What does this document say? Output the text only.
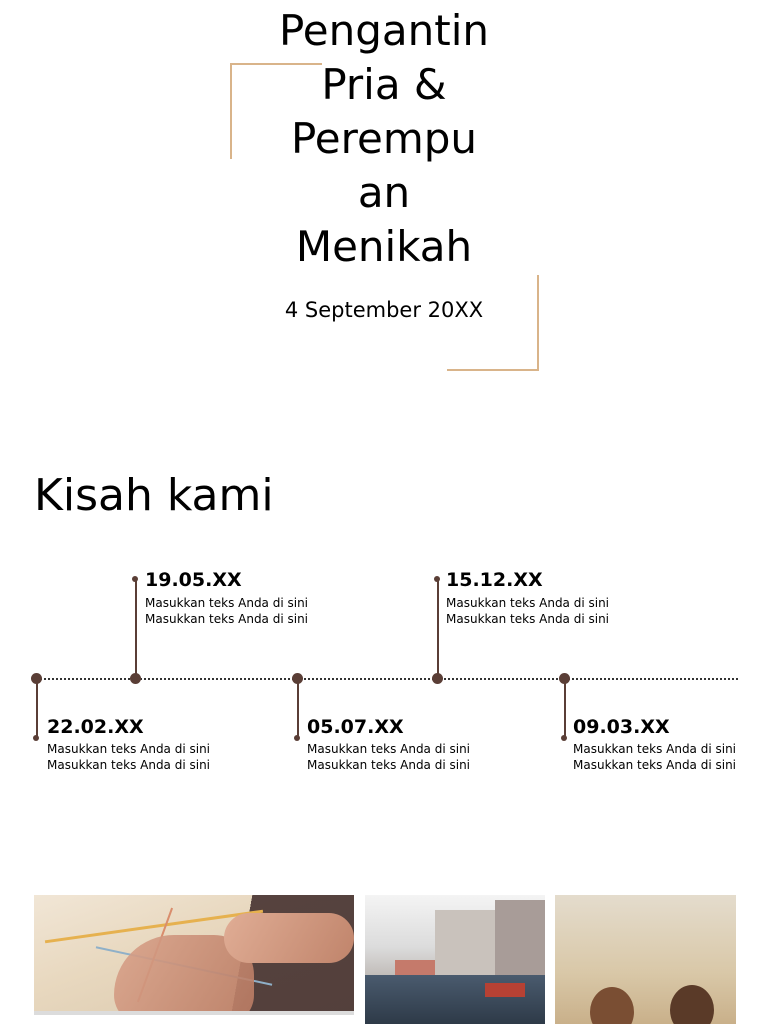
Pengantin
Pria &
Perempu
an
Menikah
4 September 20XX
Kisah kami
22.02.XX
Masukkan teks Anda di sini
Masukkan teks Anda di sini
19.05.XX
Masukkan teks Anda di sini
Masukkan teks Anda di sini
05.07.XX
Masukkan teks Anda di sini
Masukkan teks Anda di sini
15.12.XX
Masukkan teks Anda di sini
Masukkan teks Anda di sini
09.03.XX
Masukkan teks Anda di sini
Masukkan teks Anda di sini
